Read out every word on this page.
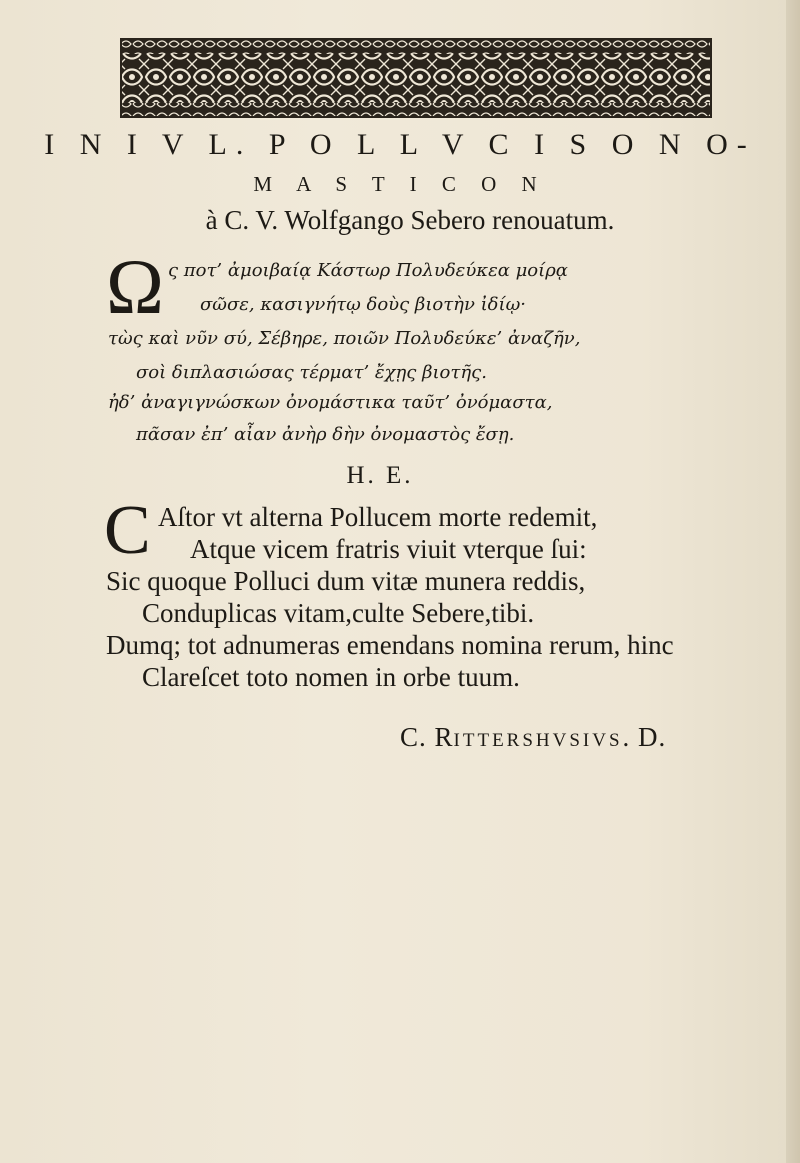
I N I V L. P O L L V C I S O N O-
M A S T I C O N
à C. V. Wolfgango Sebero renouatum.
Ω ς ποτ’ ἀμοιβαίᾳ Κάστωρ Πολυδεύκεα μοίρᾳ
σῶσε, κασιγνήτῳ δοὺς βιοτὴν ἰδίῳ·
τὼς καὶ νῦν σύ, Σέβηρε, ποιῶν Πολυδεύκε’ ἀναζῆν,
σοὶ διπλασιώσας τέρματ’ ἔχῃς βιοτῆς.
ἠδ’ ἀναγιγνώσκων ὀνομάστικα ταῦτ’ ὀνόμαστα,
πᾶσαν ἐπ’ αἶαν ἀνὴρ δὴν ὀνομαστὸς ἔσῃ.
H. E.
C Aſtor vt alterna Pollucem morte redemit,
Atque vicem fratris viuit vterque ſui:
Sic quoque Polluci dum vitæ munera reddis,
Conduplicas vitam,culte Sebere,tibi.
Dumq; tot adnumeras emendans nomina rerum, hinc
Clareſcet toto nomen in orbe tuum.
C. RITTERSHVSIVS. D.
